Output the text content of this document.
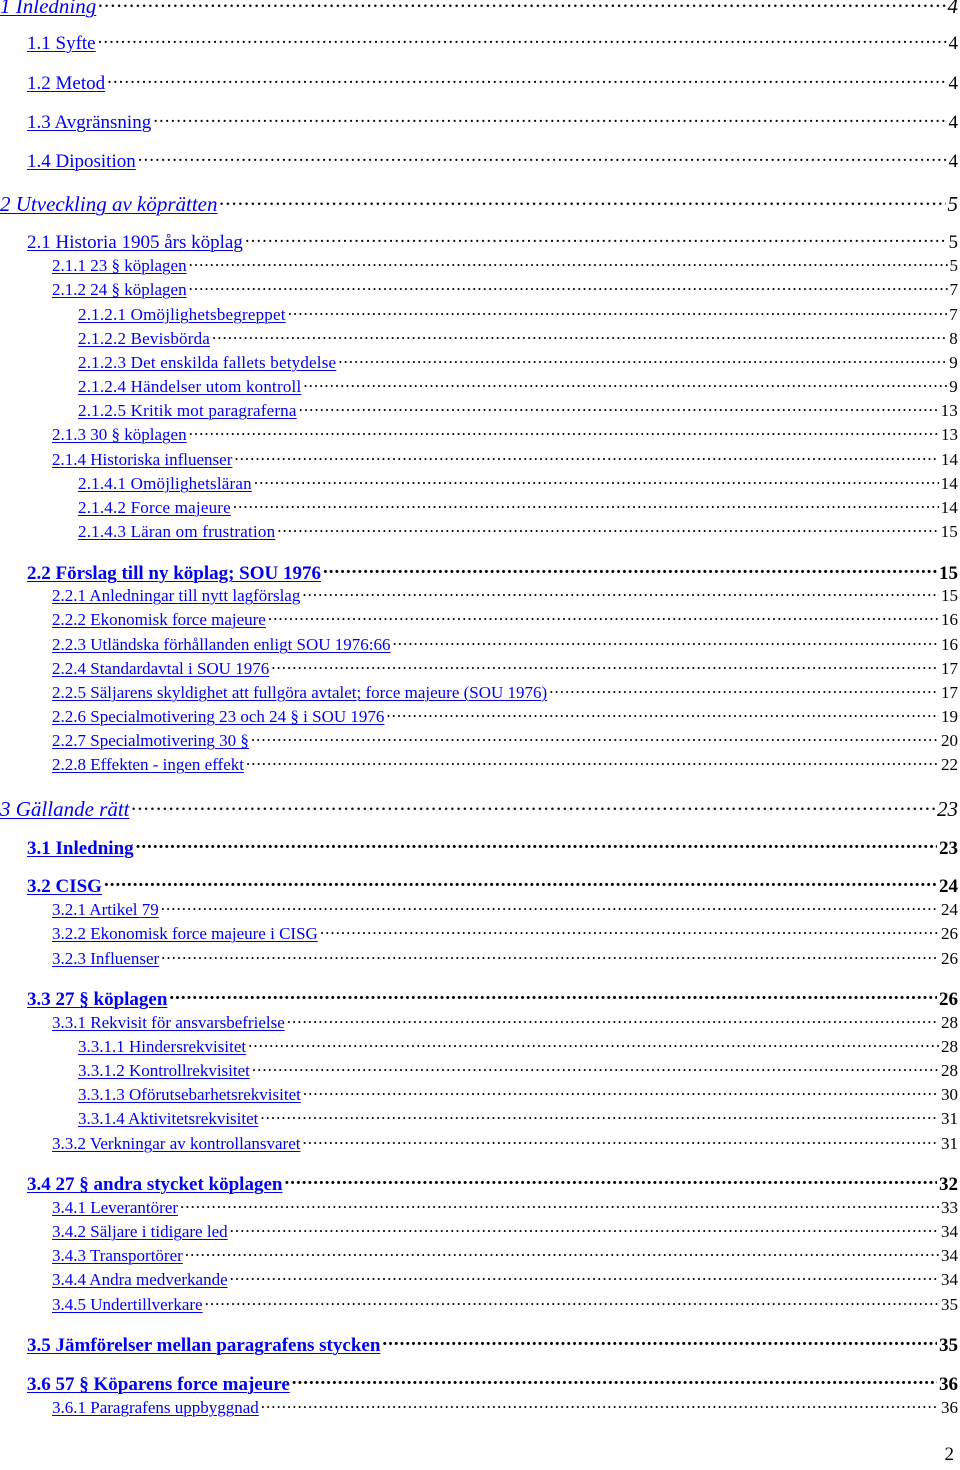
1 Inledning .....	4
1.1 Syfte .....	4
1.2 Metod .....	4
1.3 Avgränsning .....	4
1.4 Diposition .....	4
2 Utveckling av köprätten .....	5
2.1 Historia 1905 års köplag .....	5
2.1.1 23 § köplagen .....	5
2.1.2 24 § köplagen .....	7
2.1.2.1 Omöjlighetsbegreppet .....	7
2.1.2.2 Bevisbörda .....	8
2.1.2.3 Det enskilda fallets betydelse .....	9
2.1.2.4 Händelser utom kontroll .....	9
2.1.2.5 Kritik mot paragraferna .....	13
2.1.3 30 § köplagen .....	13
2.1.4 Historiska influenser .....	14
2.1.4.1 Omöjlighetsläran .....	14
2.1.4.2 Force majeure .....	14
2.1.4.3 Läran om frustration .....	15
2.2 Förslag till ny köplag; SOU 1976 .....	15
2.2.1 Anledningar till nytt lagförslag .....	15
2.2.2 Ekonomisk force majeure .....	16
2.2.3 Utländska förhållanden enligt SOU 1976:66 .....	16
2.2.4 Standardavtal i SOU 1976 .....	17
2.2.5 Säljarens skyldighet att fullgöra avtalet; force majeure (SOU 1976) .....	17
2.2.6 Specialmotivering 23 och 24 § i SOU 1976 .....	19
2.2.7 Specialmotivering 30 § .....	20
2.2.8 Effekten - ingen effekt .....	22
3 Gällande rätt .....	23
3.1 Inledning .....	23
3.2 CISG .....	24
3.2.1 Artikel 79 .....	24
3.2.2 Ekonomisk force majeure i CISG .....	26
3.2.3 Influenser .....	26
3.3 27 § köplagen .....	26
3.3.1 Rekvisit för ansvarsbefrielse .....	28
3.3.1.1 Hindersrekvisitet .....	28
3.3.1.2 Kontrollrekvisitet .....	28
3.3.1.3 Oförutsebarhetsrekvisitet .....	30
3.3.1.4 Aktivitetsrekvisitet .....	31
3.3.2 Verkningar av kontrollansvaret .....	31
3.4 27 § andra stycket köplagen .....	32
3.4.1 Leverantörer .....	33
3.4.2 Säljare i tidigare led .....	34
3.4.3 Transportörer .....	34
3.4.4 Andra medverkande .....	34
3.4.5 Undertillverkare .....	35
3.5 Jämförelser mellan paragrafens stycken .....	35
3.6 57 § Köparens force majeure .....	36
3.6.1 Paragrafens uppbyggnad .....	36
2
